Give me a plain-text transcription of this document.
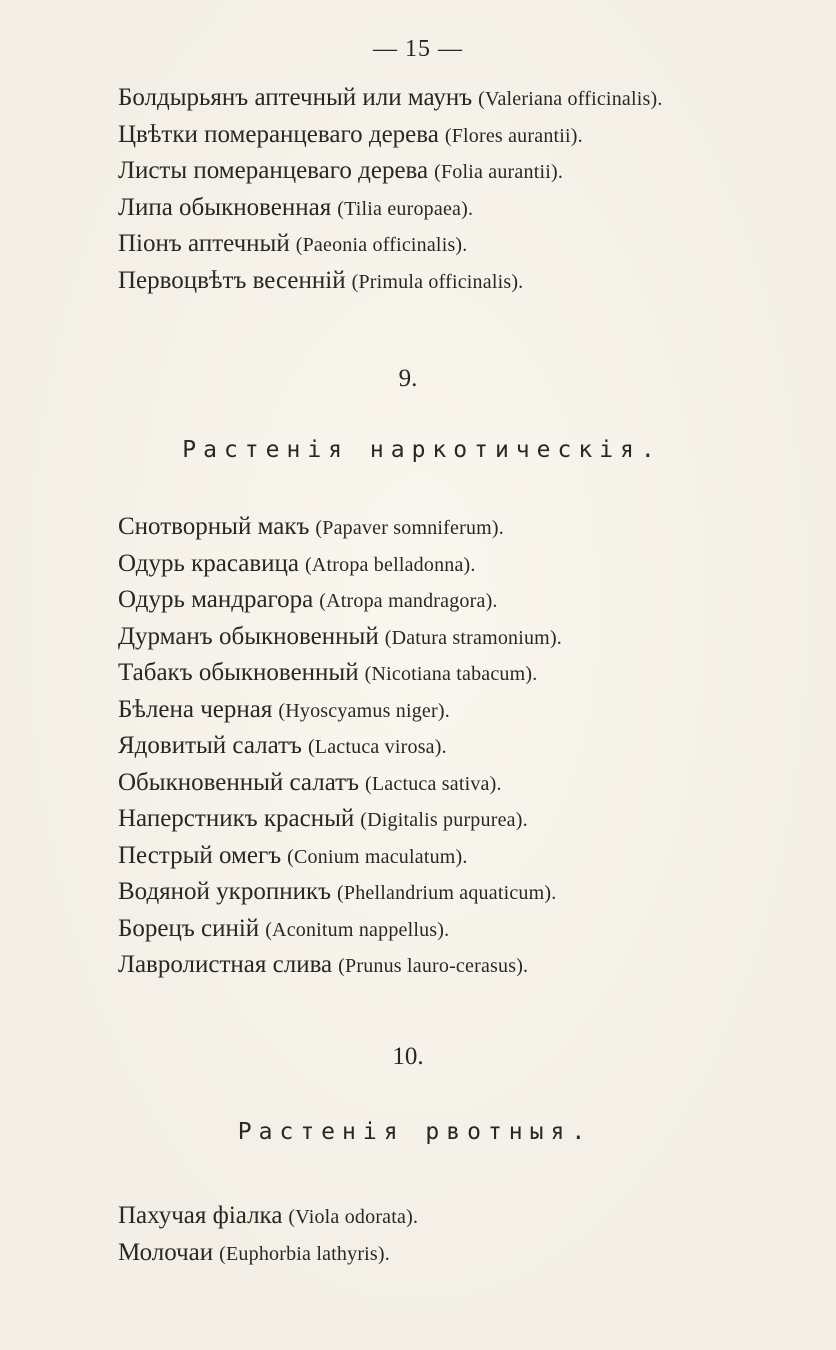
— 15 —
Болдырьянъ аптечный или маунъ (Valeriana officinalis).
Цвѣтки померанцеваго дерева (Flores aurantii).
Листы померанцеваго дерева (Folia aurantii).
Липа обыкновенная (Tilia europaea).
Піонъ аптечный (Paeonia officinalis).
Первоцвѣтъ весенній (Primula officinalis).
9.
Растенія наркотическія.
Снотворный макъ (Papaver somniferum).
Одурь красавица (Atropa belladonna).
Одурь мандрагора (Atropa mandragora).
Дурманъ обыкновенный (Datura stramonium).
Табакъ обыкновенный (Nicotiana tabacum).
Бѣлена черная (Hyoscyamus niger).
Ядовитый салатъ (Lactuca virosa).
Обыкновенный салатъ (Lactuca sativa).
Наперстникъ красный (Digitalis purpurea).
Пестрый омегъ (Conium maculatum).
Водяной укропникъ (Phellandrium aquaticum).
Борецъ синій (Aconitum nappellus).
Лавролистная слива (Prunus lauro-cerasus).
10.
Растенія рвотныя.
Пахучая фіалка (Viola odorata).
Молочаи (Euphorbia lathyris).
